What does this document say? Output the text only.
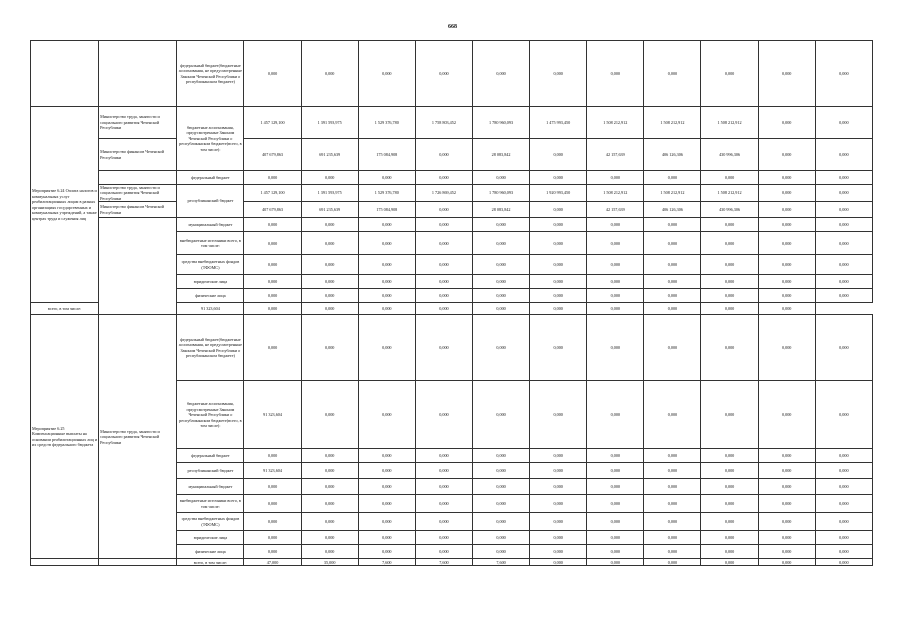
668
		федеральный бюджет(бюджетные ассигнования, не предусмотренные Законом Чеченской Республики о республиканском бюджете)	0,000	0,000	0,000	0,000	0,000	0,000	0,000	0,000	0,000	0,000	0,000
Мероприятие 6.24 Оплата налогов и коммунальных услуг реабилитационных лицам в разных организациях государственных и коммунальных учреждений, а также центрах труда и служения лиц	Министерство труда, занятости и социального развития Чеченской Республики	бюджетные ассигнования, предусмотренные Законом Чеченской Республики о республиканском бюджете(всего, в том числе):	1 457 129,100	1 391 593,975	1 529 376,780	1 758 803,452	1 780 960,093	1 475 993,450	1 508 212,912	1 508 212,912	1 508 212,912	0,000	0,000
	Министерство финансов Чеченской Республики		407 679,863	691 235,639	175 084,908	0,000	28 083,842	0,000	42 157,639	406 126,306	430 996,306	0,000	0,000
		федеральный бюджет	0,000	0,000	0,000	0,000	0,000	0,000	0,000	0,000	0,000	0,000	0,000
	Министерство труда, занятости и социального развития Чеченской Республики	республиканский бюджет	1 457 129,100	1 391 593,975	1 529 376,780	1 726 869,452	1 780 960,093	1 920 993,450	1 508 212,912	1 508 212,912	1 508 212,912	0,000	0,000
	Министерство финансов Чеченской Республики		407 679,863	691 235,639	175 084,908	0,000	28 083,842	0,000	42 157,639	406 126,306	430 996,306	0,000	0,000
		муниципальный бюджет	0,000	0,000	0,000	0,000	0,000	0,000	0,000	0,000	0,000	0,000	0,000
		внебюджетные источники всего, в том числе:	0,000	0,000	0,000	0,000	0,000	0,000	0,000	0,000	0,000	0,000	0,000
		средства внебюджетных фондов (ТФОМС)	0,000	0,000	0,000	0,000	0,000	0,000	0,000	0,000	0,000	0,000	0,000
		юридические лица	0,000	0,000	0,000	0,000	0,000	0,000	0,000	0,000	0,000	0,000	0,000
		физические лица	0,000	0,000	0,000	0,000	0,000	0,000	0,000	0,000	0,000	0,000	0,000
всего, в том числе:		91 323,604	0,000	0,000	0,000	0,000	0,000	0,000	0,000	0,000	0,000	0,000	
Мероприятие 6.25 Компенсационные выплаты на основании реабилитационных лиц и их средств федерального бюджета	Министерство труда, занятости и социального развития Чеченской Республики	федеральный бюджет(бюджетные ассигнования, не предусмотренные Законом Чеченской Республики о республиканском бюджете)	0,000	0,000	0,000	0,000	0,000	0,000	0,000	0,000	0,000	0,000	0,000
		бюджетные ассигнования, предусмотренные Законом Чеченской Республики о республиканском бюджете(всего, в том числе):	91 323,604	0,000	0,000	0,000	0,000	0,000	0,000	0,000	0,000	0,000	0,000
		федеральный бюджет	0,000	0,000	0,000	0,000	0,000	0,000	0,000	0,000	0,000	0,000	0,000
		республиканский бюджет	91 323,604	0,000	0,000	0,000	0,000	0,000	0,000	0,000	0,000	0,000	0,000
		муниципальный бюджет	0,000	0,000	0,000	0,000	0,000	0,000	0,000	0,000	0,000	0,000	0,000
		внебюджетные источники всего, в том числе:	0,000	0,000	0,000	0,000	0,000	0,000	0,000	0,000	0,000	0,000	0,000
		средства внебюджетных фондов (ТФОМС)	0,000	0,000	0,000	0,000	0,000	0,000	0,000	0,000	0,000	0,000	0,000
		юридические лица	0,000	0,000	0,000	0,000	0,000	0,000	0,000	0,000	0,000	0,000	0,000
		физические лица	0,000	0,000	0,000	0,000	0,000	0,000	0,000	0,000	0,000	0,000	0,000
		всего, в том числе:	47,000	35,000	7,600	7,600	7,600	0,000	0,000	0,000	0,000	0,000	0,000
